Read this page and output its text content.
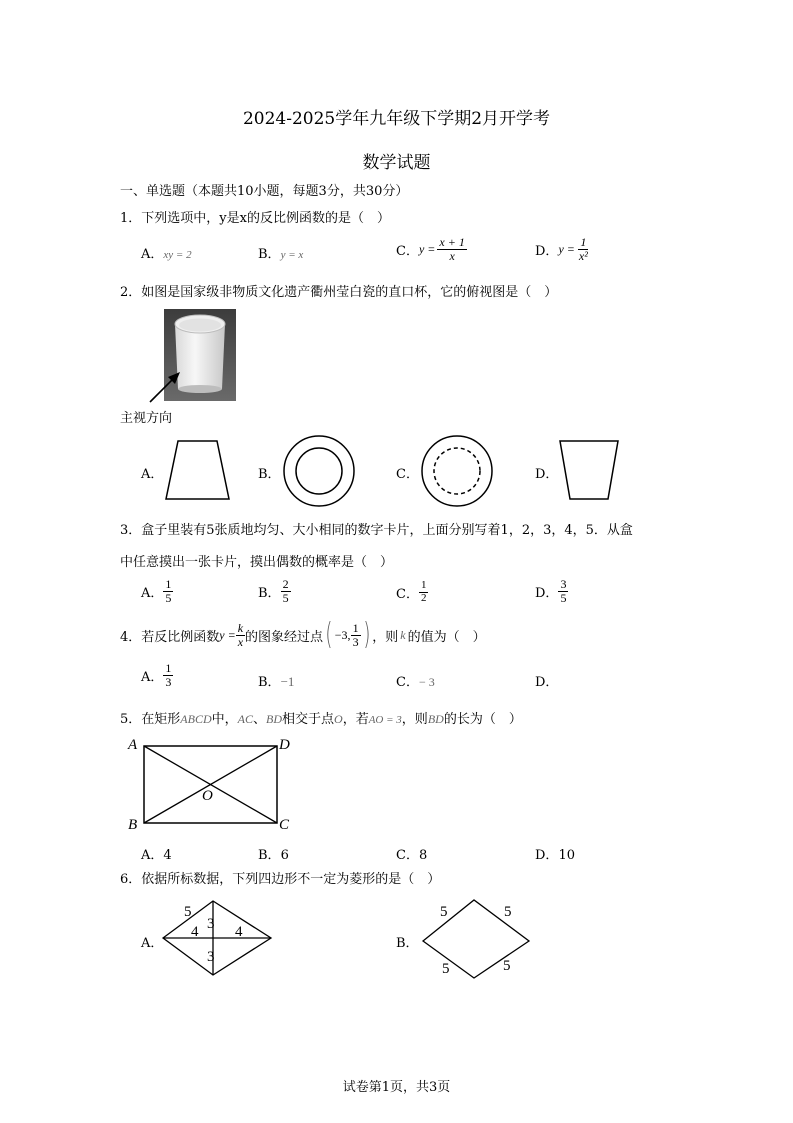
2024-2025学年九年级下学期2月开学考
数学试题
一、单选题（本题共10小题，每题3分，共30分）
1．下列选项中，y是x的反比例函数的是（　）
A．xy = 2	B．y = x	C． $y = \frac{x + 1}{x}$	D． $y = \frac{1}{\text{x²}}$
2．如图是国家级非物质文化遗产衢州莹白瓷的直口杯，它的俯视图是（　）
主视方向
A．	B．	C．	D．
3．盒子里装有5张质地均匀、大小相同的数字卡片，上面分别写着1，2，3，4，5．从盒
中任意摸出一张卡片，摸出偶数的概率是（　）
A． $\frac{1}{5}$	B． $\frac{2}{5}$	C． $\frac{1}{2}$	D． $\frac{3}{5}$
4．若反比例函数 $y = \frac{k}{x}$ 的图象经过点 ( −3, $\frac{1}{3}$ ) ，则 k 的值为（　）
A． $\frac{1}{3}$	B．−1	C．− 3	D．
5．在矩形ABCD中，AC、BD相交于点O，若AO = 3，则BD的长为（　）
A	D
B	C
O
A．4	B．6	C．8	D．10
6．依据所标数据，下列四边形不一定为菱形的是（　）
A．
5
3
4 4
3
B．
5	5
5	5
试卷第1页，共3页
